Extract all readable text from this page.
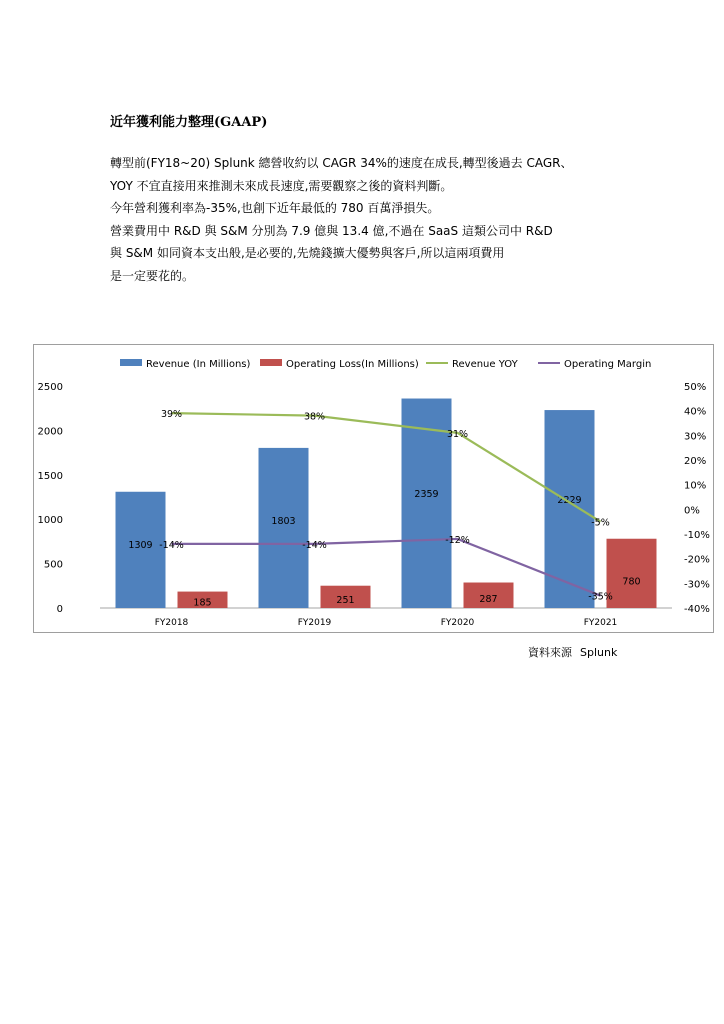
近年獲利能力整理(GAAP)
轉型前(FY18~20) Splunk 總營收約以 CAGR 34%的速度在成長,轉型後過去 CAGR、
YOY 不宜直接用來推測未來成長速度,需要觀察之後的資料判斷。
今年營利獲利率為-35%,也創下近年最低的 780 百萬淨損失。
營業費用中 R&D 與 S&M 分別為 7.9 億與 13.4 億,不過在 SaaS 這類公司中 R&D
與 S&M 如同資本支出般,是必要的,先燒錢擴大優勢與客戶,所以這兩項費用
是一定要花的。
0
500
1000
1500
2000
2500
-40%
-30%
-20%
-10%
0%
10%
20%
30%
40%
50%
FY2018	FY2019	FY2020	FY2021
1309
1803
2359
2229
185	251	287
780
39%	38%
31%
-5%
-14%	-14%	-12%
-35%
Revenue (In Millions)	Operating Loss(In Millions)	Revenue YOY	Operating Margin
資料來源 Splunk
